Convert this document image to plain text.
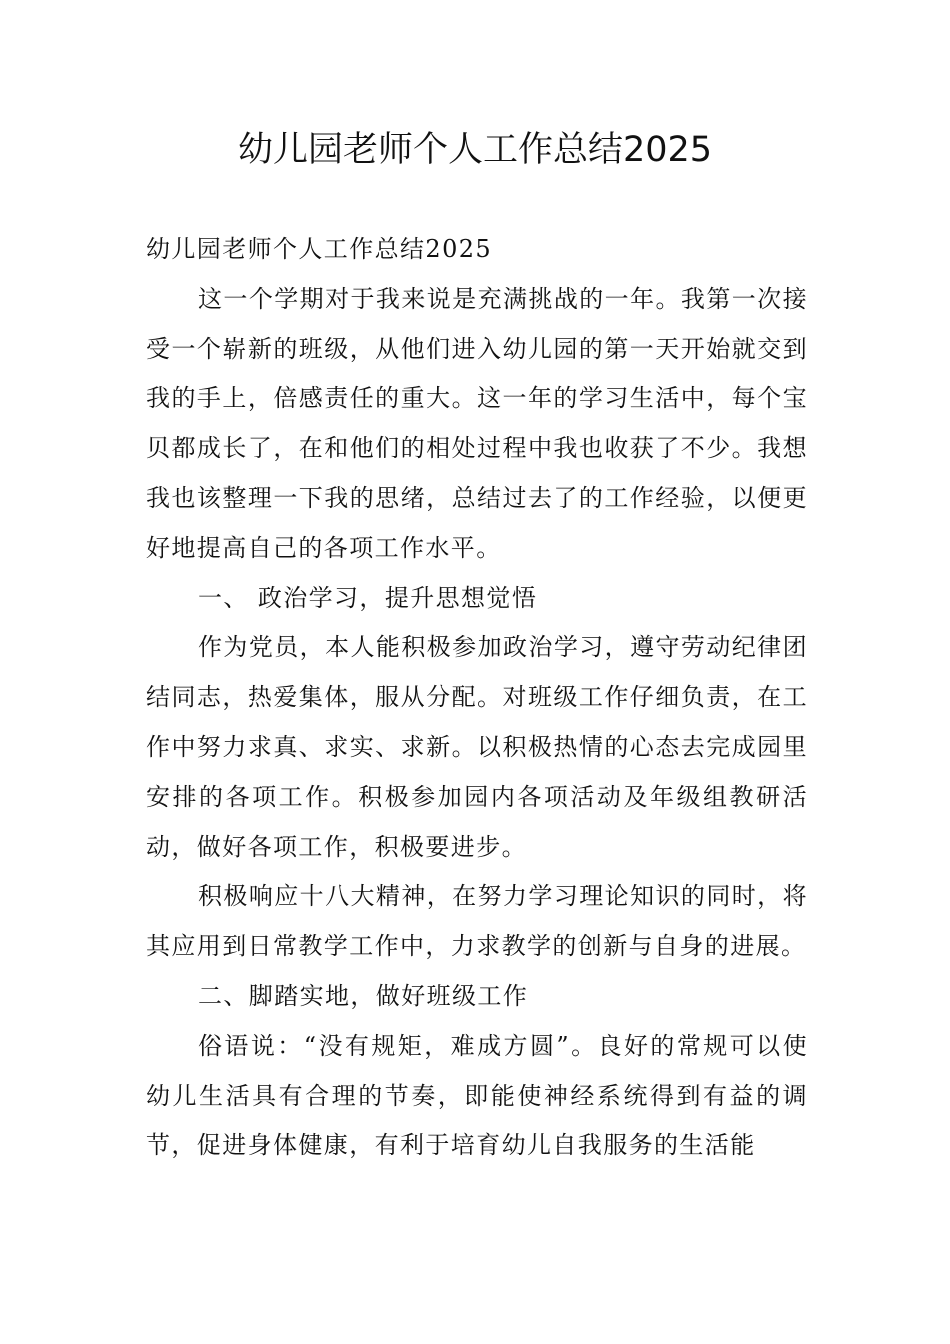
幼儿园老师个人工作总结2025

幼儿园老师个人工作总结2025

这一个学期对于我来说是充满挑战的一年。我第一次接受一个崭新的班级，从他们进入幼儿园的第一天开始就交到我的手上，倍感责任的重大。这一年的学习生活中，每个宝贝都成长了，在和他们的相处过程中我也收获了不少。我想我也该整理一下我的思绪，总结过去了的工作经验，以便更好地提高自己的各项工作水平。

一、 政治学习，提升思想觉悟

作为党员，本人能积极参加政治学习，遵守劳动纪律团结同志，热爱集体，服从分配。对班级工作仔细负责，在工作中努力求真、求实、求新。以积极热情的心态去完成园里安排的各项工作。积极参加园内各项活动及年级组教研活动，做好各项工作，积极要进步。

积极响应十八大精神，在努力学习理论知识的同时，将其应用到日常教学工作中，力求教学的创新与自身的进展。

二、脚踏实地，做好班级工作

俗语说：“没有规矩，难成方圆”。良好的常规可以使幼儿生活具有合理的节奏，即能使神经系统得到有益的调节，促进身体健康，有利于培育幼儿自我服务的生活能
